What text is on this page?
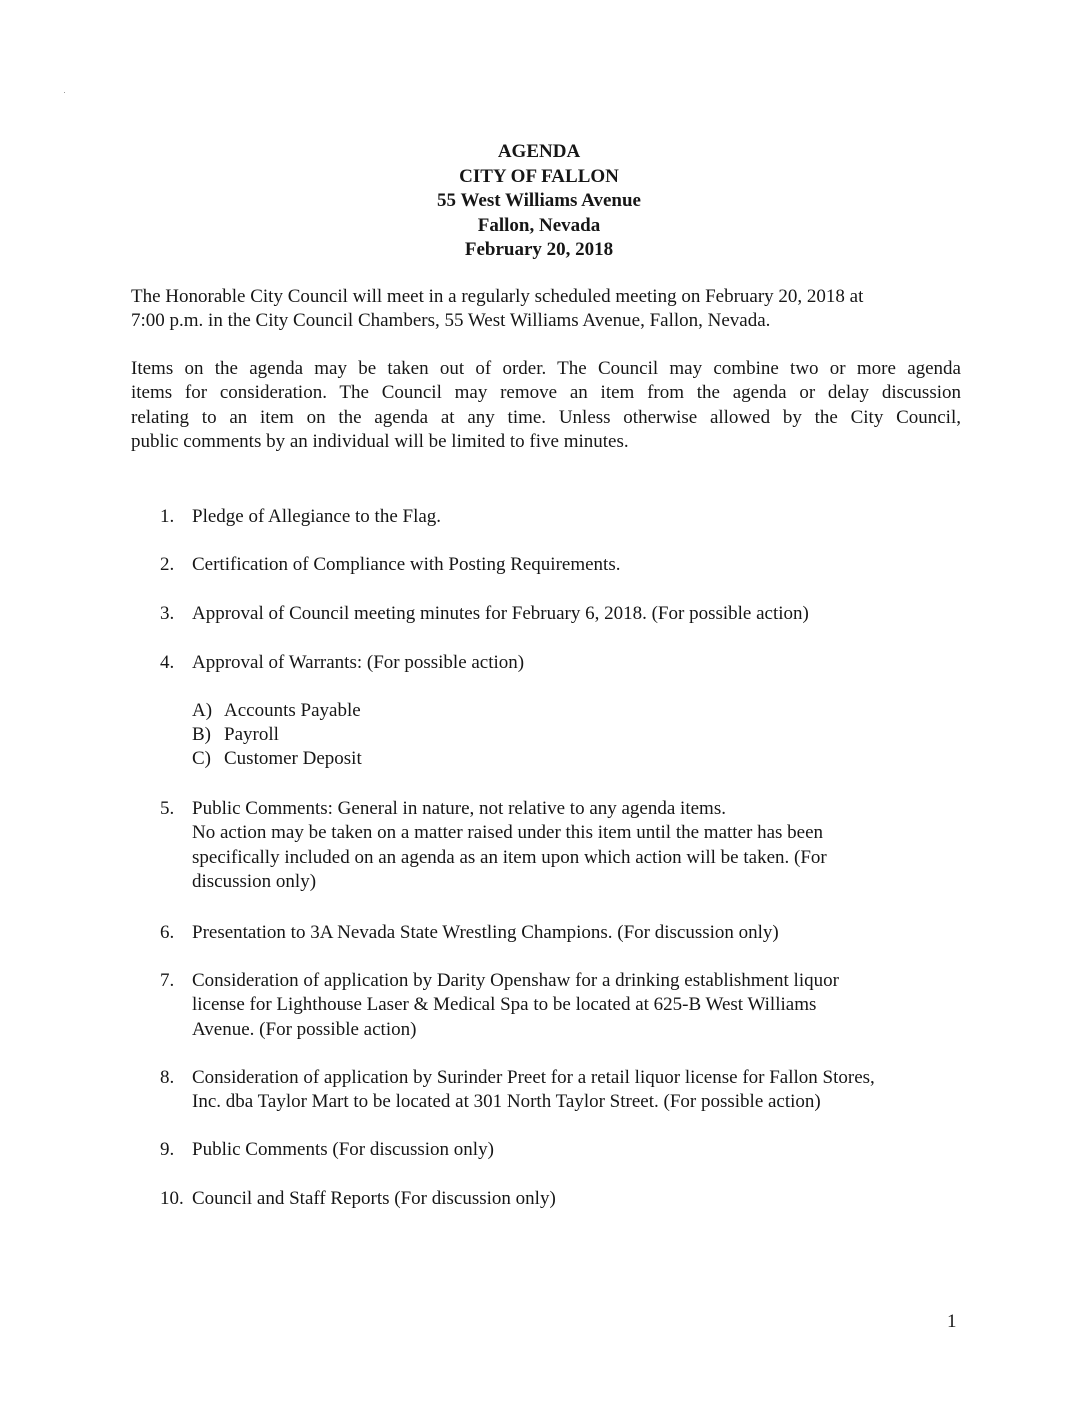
AGENDA
CITY OF FALLON
55 West Williams Avenue
Fallon, Nevada
February 20, 2018
The Honorable City Council will meet in a regularly scheduled meeting on February 20, 2018 at
7:00 p.m. in the City Council Chambers, 55 West Williams Avenue, Fallon, Nevada.
Items on the agenda may be taken out of order. The Council may combine two or more agenda
items for consideration. The Council may remove an item from the agenda or delay discussion
relating to an item on the agenda at any time. Unless otherwise allowed by the City Council,
public comments by an individual will be limited to five minutes.
1. Pledge of Allegiance to the Flag.
2. Certification of Compliance with Posting Requirements.
3. Approval of Council meeting minutes for February 6, 2018. (For possible action)
4. Approval of Warrants: (For possible action)
A) Accounts Payable
B) Payroll
C) Customer Deposit
5. Public Comments: General in nature, not relative to any agenda items.
No action may be taken on a matter raised under this item until the matter has been
specifically included on an agenda as an item upon which action will be taken. (For
discussion only)
6. Presentation to 3A Nevada State Wrestling Champions. (For discussion only)
7. Consideration of application by Darity Openshaw for a drinking establishment liquor
license for Lighthouse Laser & Medical Spa to be located at 625-B West Williams
Avenue. (For possible action)
8. Consideration of application by Surinder Preet for a retail liquor license for Fallon Stores,
Inc. dba Taylor Mart to be located at 301 North Taylor Street. (For possible action)
9. Public Comments (For discussion only)
10. Council and Staff Reports (For discussion only)
1
